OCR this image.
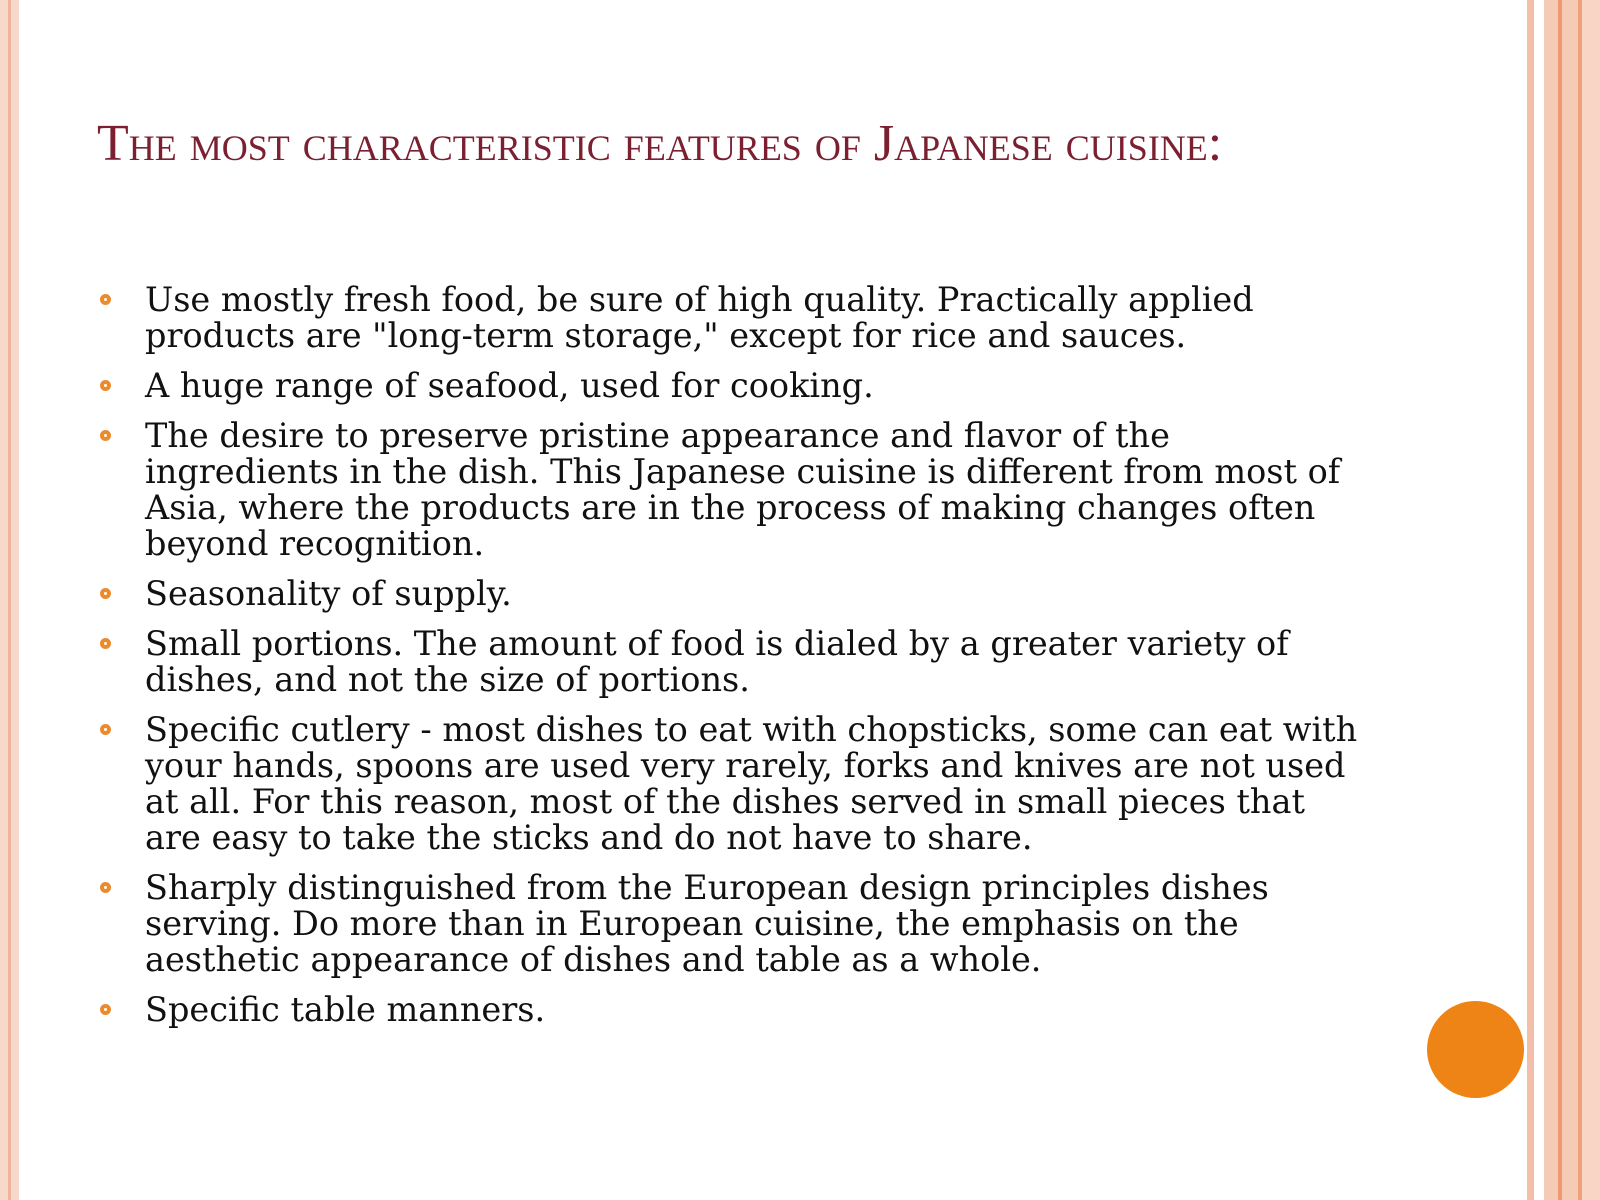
The most characteristic features of Japanese cuisine:
Use mostly fresh food, be sure of high quality. Practically applied products are "long-term storage," except for rice and sauces.
A huge range of seafood, used for cooking.
The desire to preserve pristine appearance and flavor of the ingredients in the dish. This Japanese cuisine is different from most of Asia, where the products are in the process of making changes often beyond recognition.
Seasonality of supply.
Small portions. The amount of food is dialed by a greater variety of dishes, and not the size of portions.
Specific cutlery - most dishes to eat with chopsticks, some can eat with your hands, spoons are used very rarely, forks and knives are not used at all. For this reason, most of the dishes served in small pieces that are easy to take the sticks and do not have to share.
Sharply distinguished from the European design principles dishes serving. Do more than in European cuisine, the emphasis on the aesthetic appearance of dishes and table as a whole.
Specific table manners.
